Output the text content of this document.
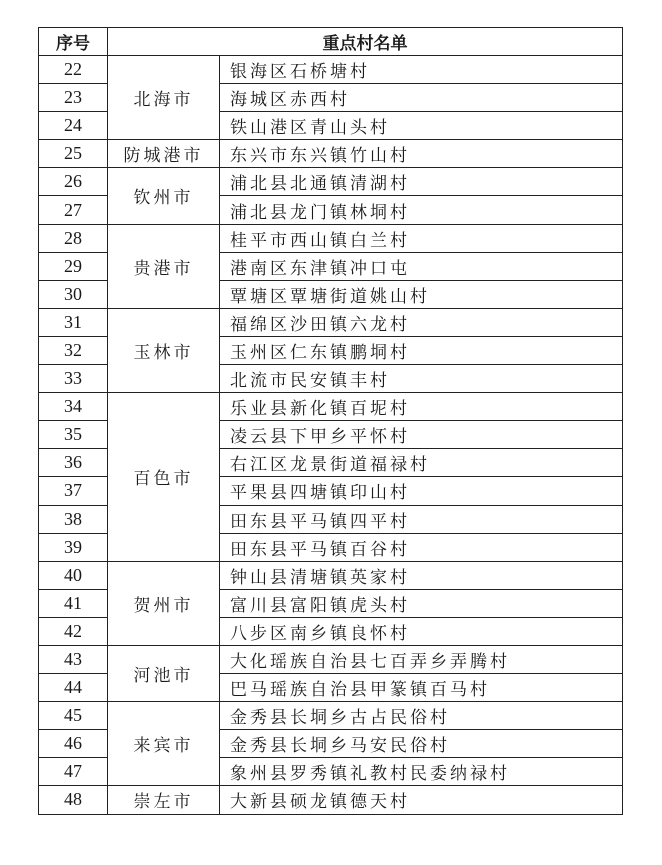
序号	重点村名单	
22	北海市	银海区石桥塘村
23		海城区赤西村
24		铁山港区青山头村
25	防城港市	东兴市东兴镇竹山村
26	钦州市	浦北县北通镇清湖村
27		浦北县龙门镇林垌村
28	贵港市	桂平市西山镇白兰村
29		港南区东津镇冲口屯
30		覃塘区覃塘街道姚山村
31	玉林市	福绵区沙田镇六龙村
32		玉州区仁东镇鹏垌村
33		北流市民安镇丰村
34	百色市	乐业县新化镇百坭村
35		凌云县下甲乡平怀村
36		右江区龙景街道福禄村
37		平果县四塘镇印山村
38		田东县平马镇四平村
39		田东县平马镇百谷村
40	贺州市	钟山县清塘镇英家村
41		富川县富阳镇虎头村
42		八步区南乡镇良怀村
43	河池市	大化瑶族自治县七百弄乡弄腾村
44		巴马瑶族自治县甲篆镇百马村
45	来宾市	金秀县长垌乡古占民俗村
46		金秀县长垌乡马安民俗村
47		象州县罗秀镇礼教村民委纳禄村
48	崇左市	大新县硕龙镇德天村
